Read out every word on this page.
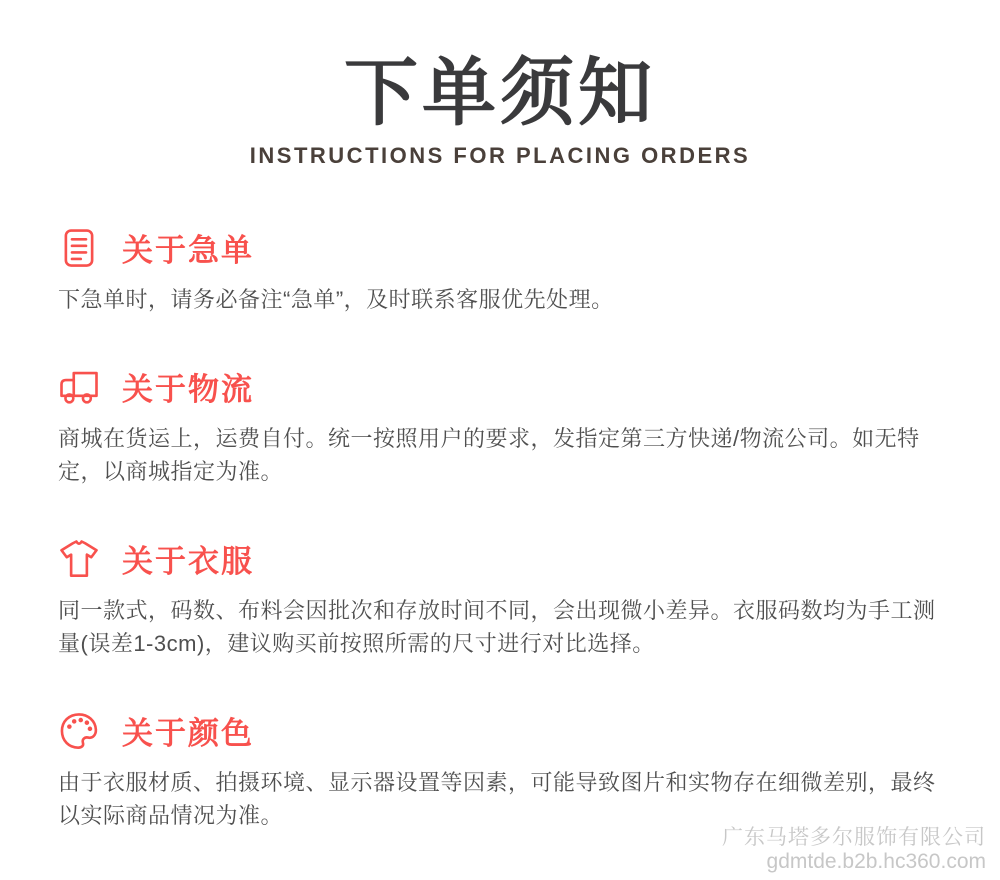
下单须知
INSTRUCTIONS FOR PLACING ORDERS
关于急单

下急单时，请务必备注“急单”，及时联系客服优先处理。

关于物流

商城在货运上，运费自付。统一按照用户的要求，发指定第三方快递/物流公司。如无特定，以商城指定为准。

关于衣服

同一款式，码数、布料会因批次和存放时间不同，会出现微小差异。衣服码数均为手工测量(误差1-3cm)，建议购买前按照所需的尺寸进行对比选择。

关于颜色

由于衣服材质、拍摄环境、显示器设置等因素，可能导致图片和实物存在细微差别，最终以实际商品情况为准。

广东马塔多尔服饰有限公司
gdmtde.b2b.hc360.com
